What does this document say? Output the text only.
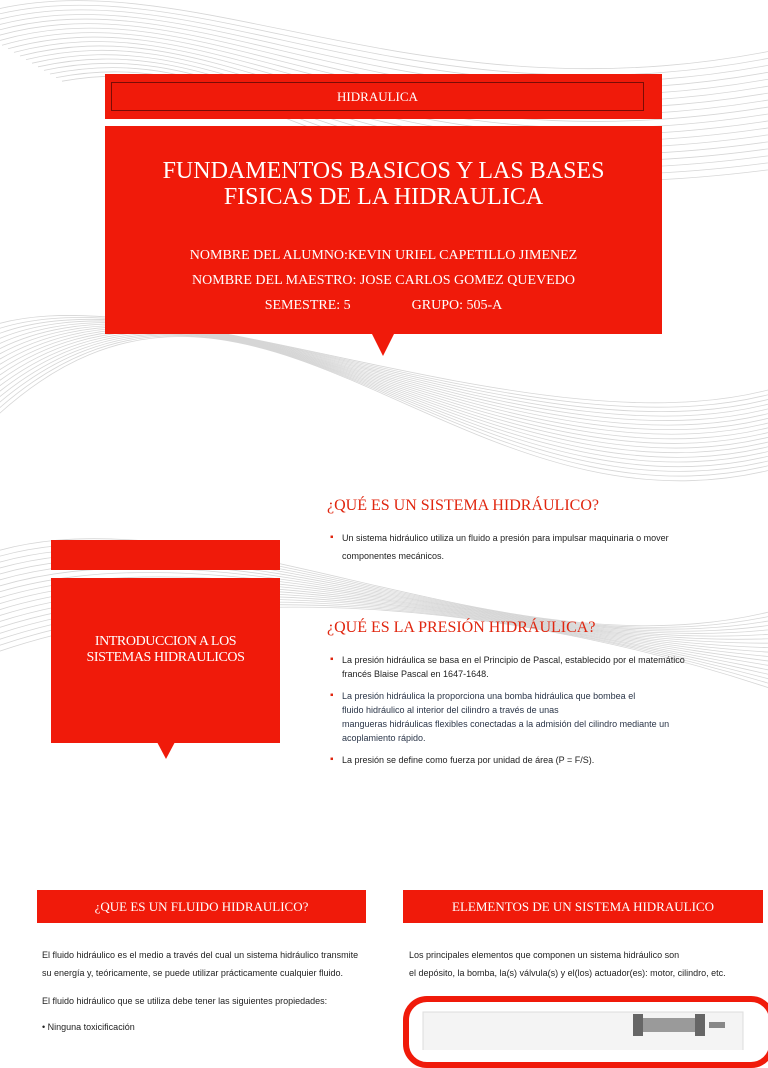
HIDRAULICA
FUNDAMENTOS BASICOS Y LAS BASES
FISICAS DE LA HIDRAULICA
NOMBRE DEL ALUMNO:KEVIN URIEL CAPETILLO JIMENEZ
NOMBRE DEL MAESTRO: JOSE CARLOS GOMEZ QUEVEDO
SEMESTRE: 5	GRUPO: 505-A
INTRODUCCION A LOS
SISTEMAS HIDRAULICOS
¿QUÉ ES UN SISTEMA HIDRÁULICO?
▪ Un sistema hidráulico utiliza un fluido a presión para impulsar maquinaria o mover
componentes mecánicos.
¿QUÉ ES LA PRESIÓN HIDRÁULICA?
▪ La presión hidráulica se basa en el Principio de Pascal, establecido por el matemático
francés Blaise Pascal en 1647-1648.
▪ La presión hidráulica la proporciona una bomba hidráulica que bombea el
fluido hidráulico al interior del cilindro a través de unas
mangueras hidráulicas flexibles conectadas a la admisión del cilindro mediante un
acoplamiento rápido.
▪ La presión se define como fuerza por unidad de área (P = F/S).
¿QUE ES UN FLUIDO HIDRAULICO?	ELEMENTOS DE UN SISTEMA HIDRAULICO
El fluido hidráulico es el medio a través del cual un sistema hidráulico transmite
su energía y, teóricamente, se puede utilizar prácticamente cualquier fluido.
El fluido hidráulico que se utiliza debe tener las siguientes propiedades:
• Ninguna toxicificación
Los principales elementos que componen un sistema hidráulico son
el depósito, la bomba, la(s) válvula(s) y el(los) actuador(es): motor, cilindro, etc.
